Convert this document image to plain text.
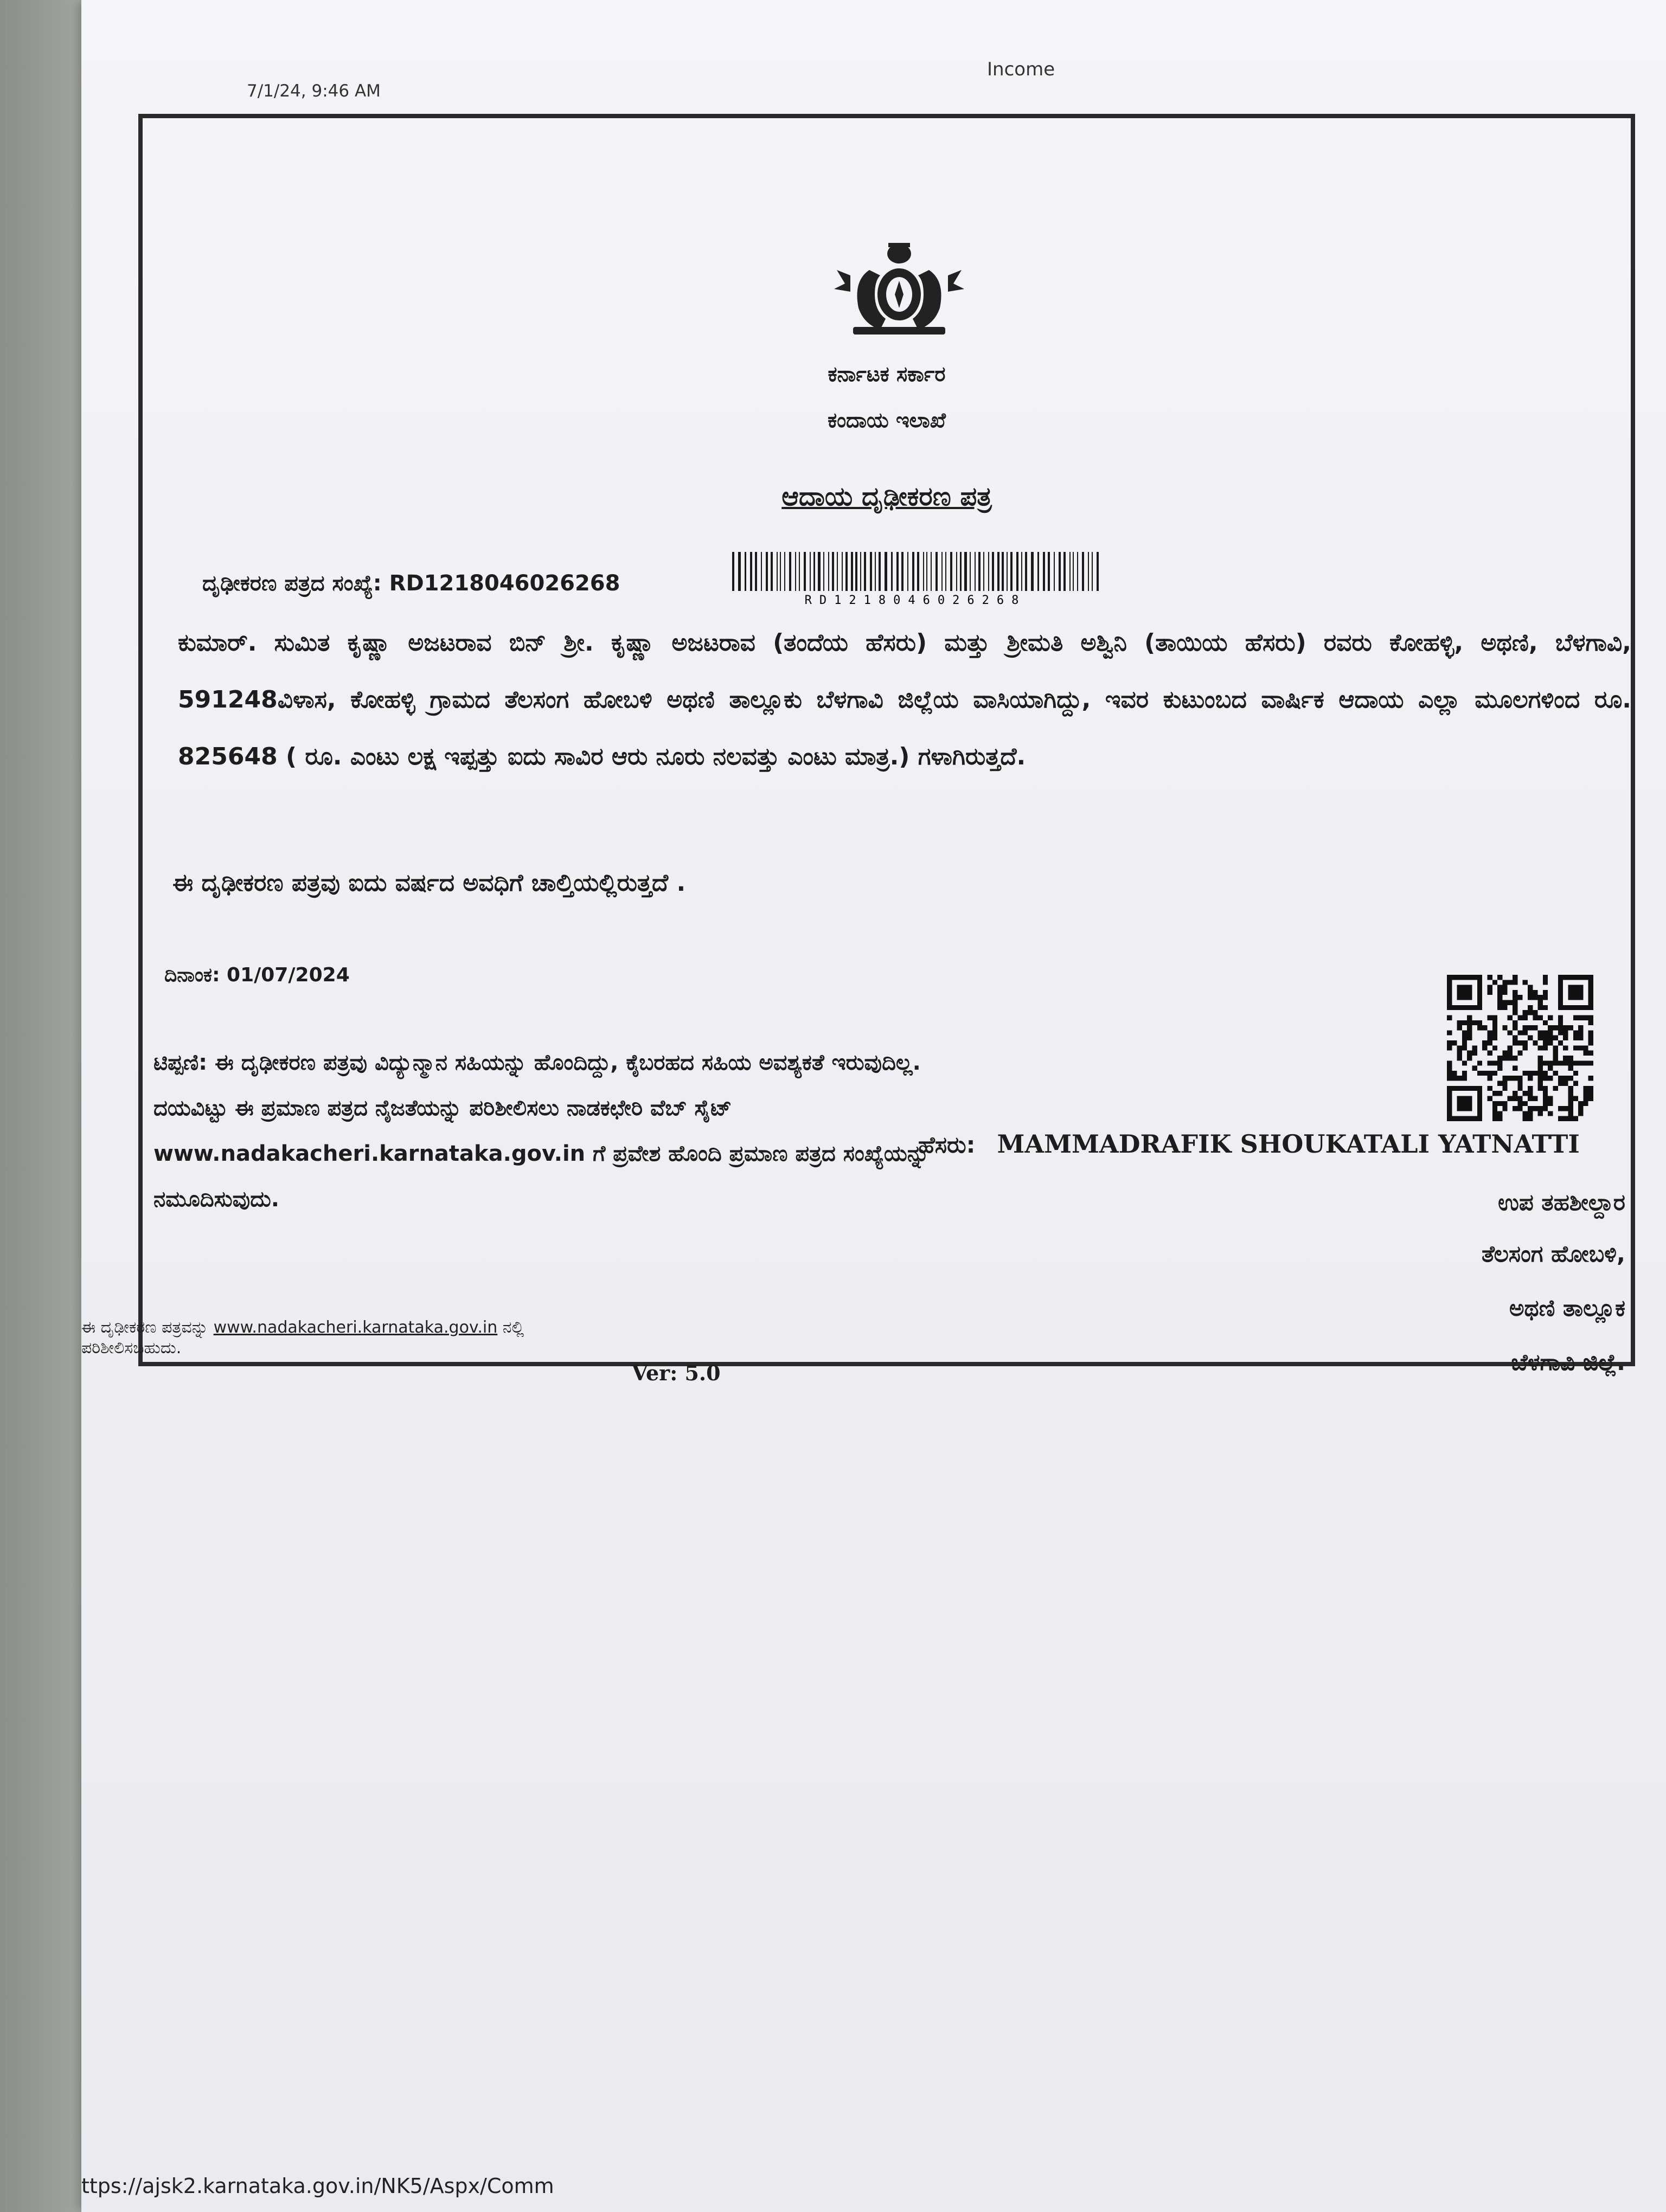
7/1/24, 9:46 AM
Income
ಕರ್ನಾಟಕ ಸರ್ಕಾರ
ಕಂದಾಯ ಇಲಾಖೆ
ಆದಾಯ ದೃಢೀಕರಣ ಪತ್ರ
ದೃಢೀಕರಣ ಪತ್ರದ ಸಂಖ್ಯೆ: RD1218046026268
RD1218046026268
ಕುಮಾರ್. ಸುಮಿತ ಕೃಷ್ಣಾ ಅಜಟರಾವ ಬಿನ್ ಶ್ರೀ. ಕೃಷ್ಣಾ ಅಜಟರಾವ (ತಂದೆಯ ಹೆಸರು) ಮತ್ತು ಶ್ರೀಮತಿ ಅಶ್ವಿನಿ (ತಾಯಿಯ ಹೆಸರು) ರವರು ಕೋಹಳ್ಳಿ, ಅಥಣಿ, ಬೆಳಗಾವಿ, 591248ವಿಳಾಸ, ಕೋಹಳ್ಳಿ ಗ್ರಾಮದ ತೆಲಸಂಗ ಹೋಬಳಿ ಅಥಣಿ ತಾಲ್ಲೂಕು ಬೆಳಗಾವಿ ಜಿಲ್ಲೆಯ ವಾಸಿಯಾಗಿದ್ದು, ಇವರ ಕುಟುಂಬದ ವಾರ್ಷಿಕ ಆದಾಯ ಎಲ್ಲಾ ಮೂಲಗಳಿಂದ ರೂ. 825648 ( ರೂ. ಎಂಟು ಲಕ್ಷ ಇಪ್ಪತ್ತು ಐದು ಸಾವಿರ ಆರು ನೂರು ನಲವತ್ತು ಎಂಟು ಮಾತ್ರ.) ಗಳಾಗಿರುತ್ತದೆ.
ಈ ದೃಢೀಕರಣ ಪತ್ರವು ಐದು ವರ್ಷದ ಅವಧಿಗೆ ಚಾಲ್ತಿಯಲ್ಲಿರುತ್ತದೆ .
ದಿನಾಂಕ: 01/07/2024
ಟಿಪ್ಪಣಿ: ಈ ದೃಢೀಕರಣ ಪತ್ರವು ವಿದ್ಯುನ್ಮಾನ ಸಹಿಯನ್ನು ಹೊಂದಿದ್ದು, ಕೈಬರಹದ ಸಹಿಯ ಅವಶ್ಯಕತೆ ಇರುವುದಿಲ್ಲ.
ದಯವಿಟ್ಟು ಈ ಪ್ರಮಾಣ ಪತ್ರದ ನೈಜತೆಯನ್ನು ಪರಿಶೀಲಿಸಲು ನಾಡಕಛೇರಿ ವೆಬ್ ಸೈಟ್ www.nadakacheri.karnataka.gov.in ಗೆ ಪ್ರವೇಶ ಹೊಂದಿ ಪ್ರಮಾಣ ಪತ್ರದ ಸಂಖ್ಯೆಯನ್ನು ನಮೂದಿಸುವುದು.
ಹೆಸರು: MAMMADRAFIK SHOUKATALI YATNATTI
ಉಪ ತಹಶೀಲ್ದಾರ
ತೆಲಸಂಗ ಹೋಬಳಿ,
ಅಥಣಿ ತಾಲ್ಲೂಕ
ಬೆಳಗಾವಿ ಜಿಲ್ಲೆ.
ಈ ದೃಢೀಕರಣ ಪತ್ರವನ್ನು www.nadakacheri.karnataka.gov.in ನಲ್ಲಿ ಪರಿಶೀಲಿಸಬಹುದು.
Ver: 5.0
ttps://ajsk2.karnataka.gov.in/NK5/Aspx/Comm
